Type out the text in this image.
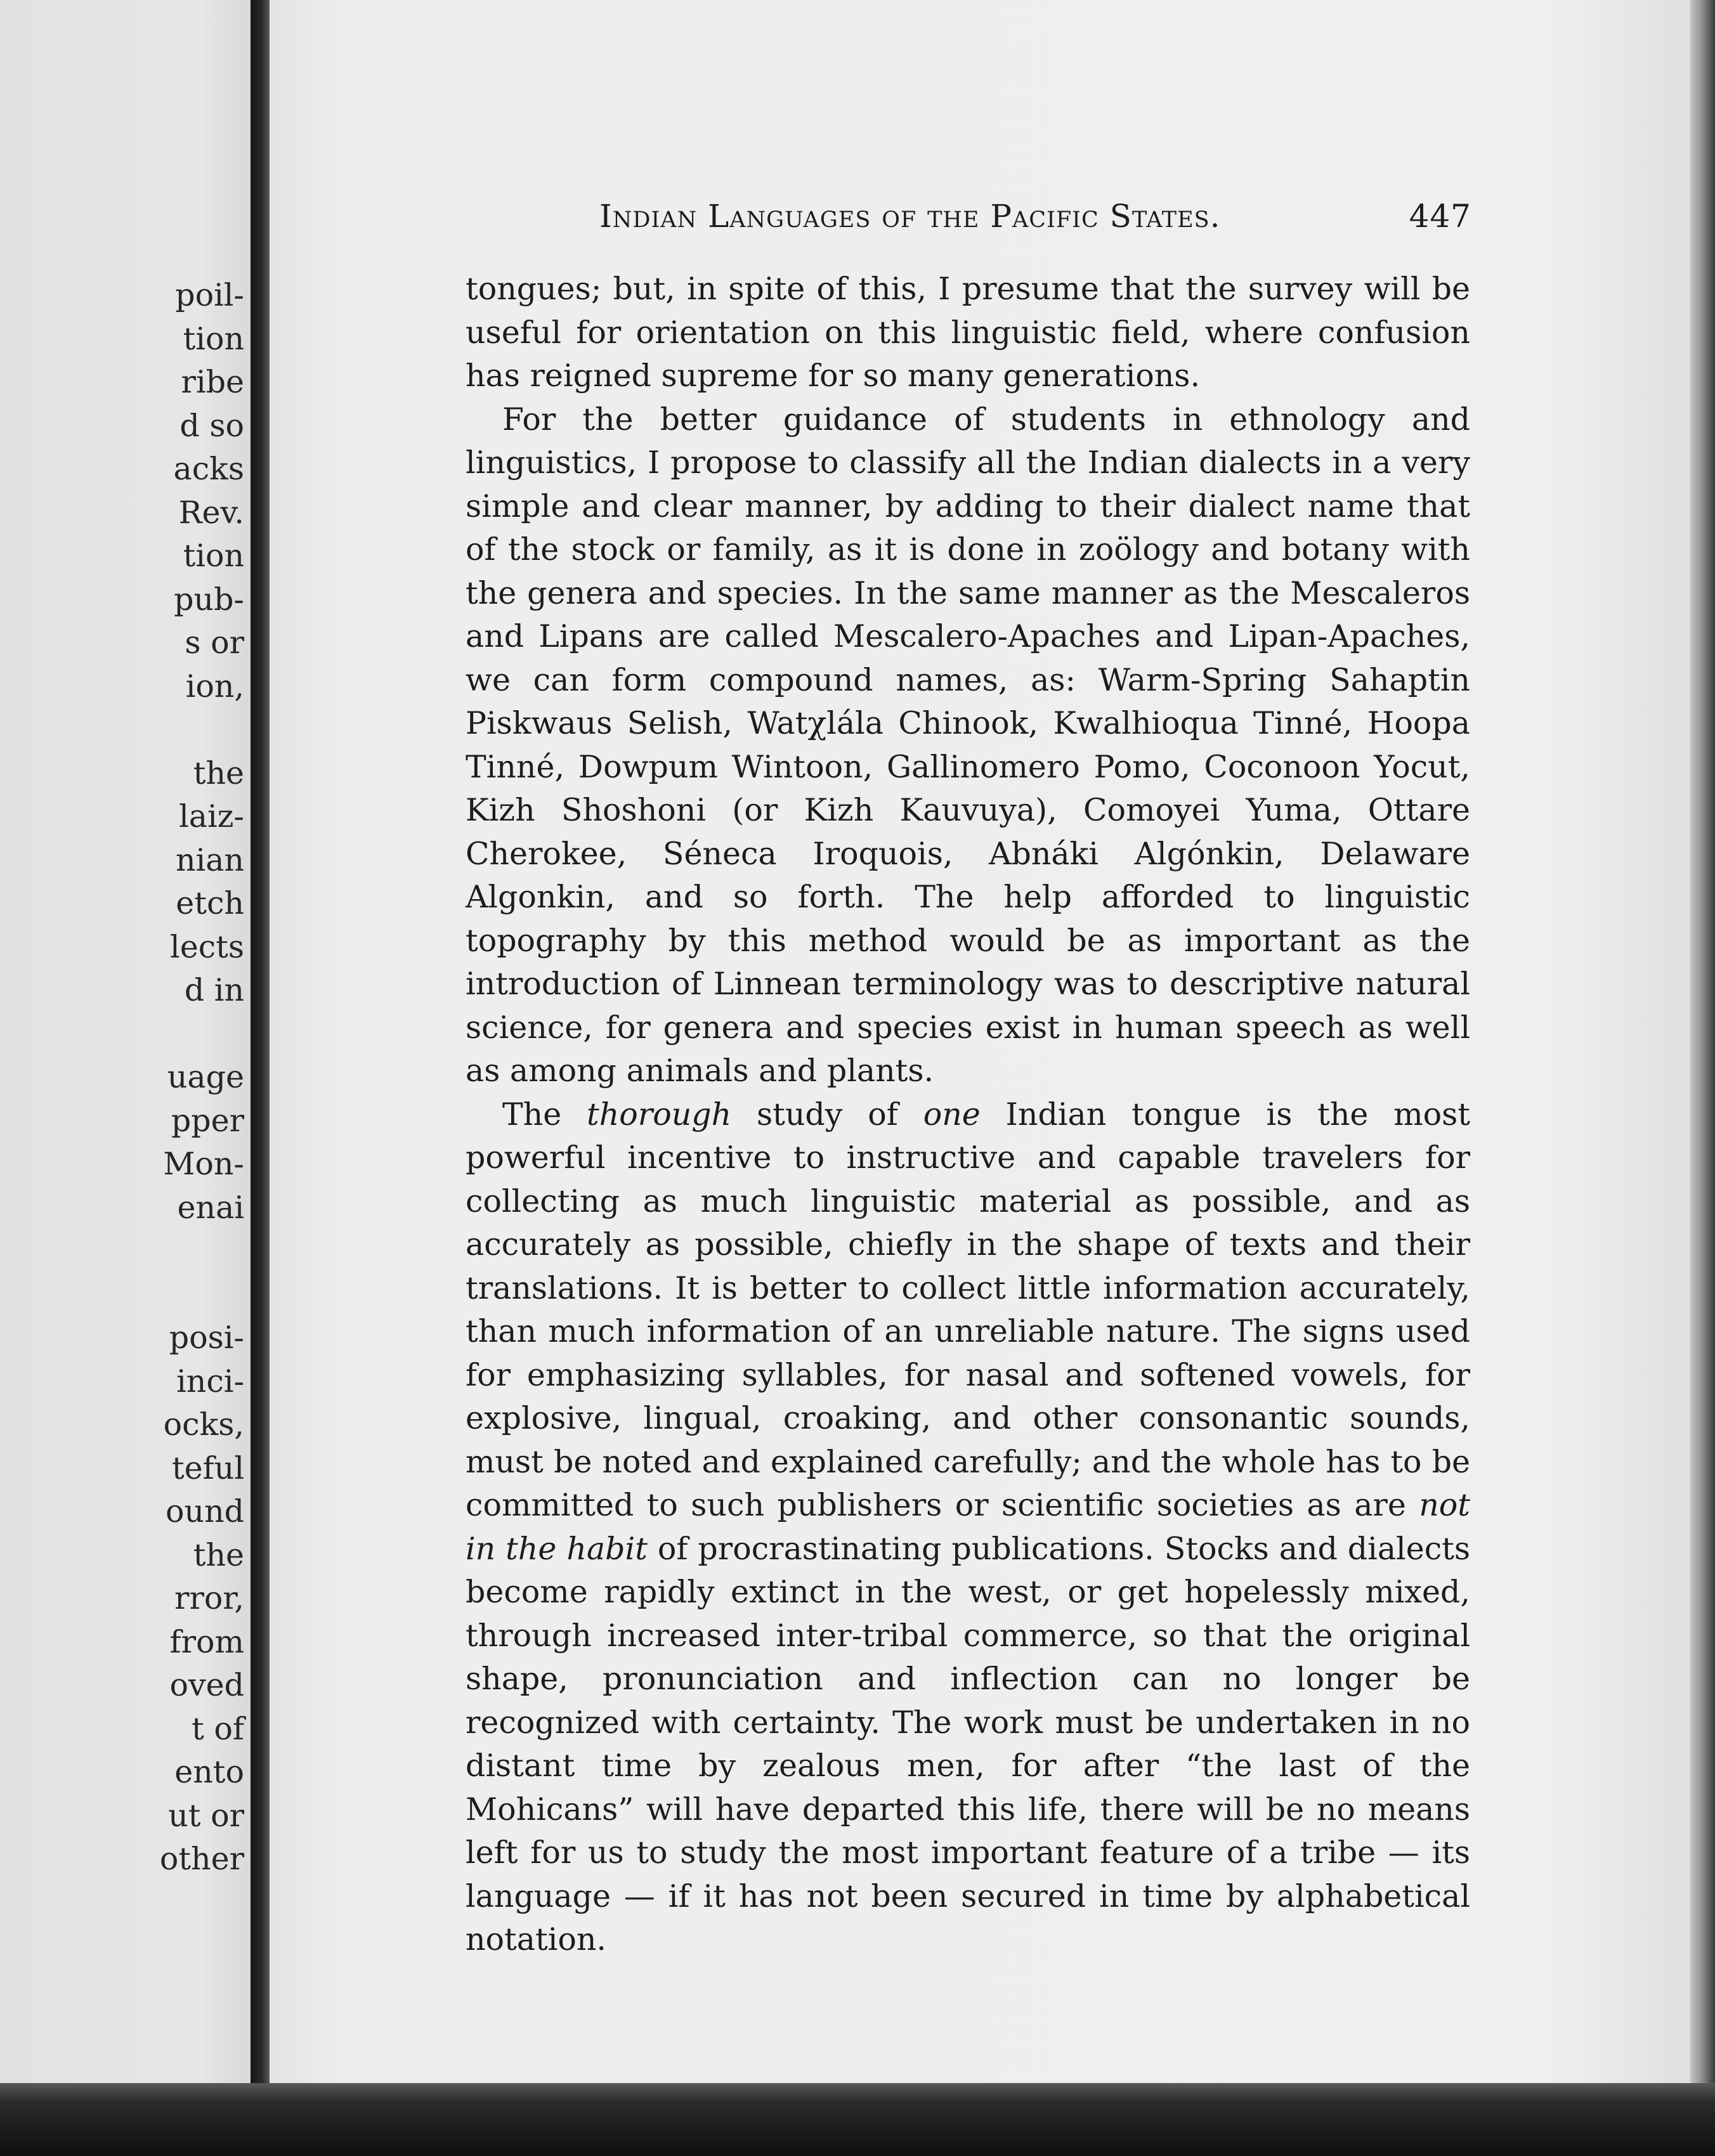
poil-
tion
ribe
d so
acks
Rev.
tion
pub-
s or
ion,
the
laiz-
nian
etch
lects
d in
uage
pper
Mon-
enai
posi-
inci-
ocks,
teful
ound
the
rror,
from
oved
t of
ento
ut or
other
Indian Languages of the Pacific States.	447

tongues; but, in spite of this, I presume that the survey will be useful for orientation on this linguistic field, where confusion has reigned supreme for so many generations.

For the better guidance of students in ethnology and linguistics, I propose to classify all the Indian dialects in a very simple and clear manner, by adding to their dialect name that of the stock or family, as it is done in zoölogy and botany with the genera and species. In the same manner as the Mescaleros and Lipans are called Mescalero-Apaches and Lipan-Apaches, we can form compound names, as: Warm-Spring Sahaptin Piskwaus Selish, Watχlála Chinook, Kwalhioqua Tinné, Hoopa Tinné, Dowpum Wintoon, Gallinomero Pomo, Coconoon Yocut, Kizh Shoshoni (or Kizh Kauvuya), Comoyei Yuma, Ottare Cherokee, Séneca Iroquois, Abnáki Algónkin, Delaware Algonkin, and so forth. The help afforded to linguistic topography by this method would be as important as the introduction of Linnean terminology was to descriptive natural science, for genera and species exist in human speech as well as among animals and plants.

The thorough study of one Indian tongue is the most powerful incentive to instructive and capable travelers for collecting as much linguistic material as possible, and as accurately as possible, chiefly in the shape of texts and their translations. It is better to collect little information accurately, than much information of an unreliable nature. The signs used for emphasizing syllables, for nasal and softened vowels, for explosive, lingual, croaking, and other consonantic sounds, must be noted and explained carefully; and the whole has to be committed to such publishers or scientific societies as are not in the habit of procrastinating publications. Stocks and dialects become rapidly extinct in the west, or get hopelessly mixed, through increased inter-tribal commerce, so that the original shape, pronunciation and inflection can no longer be recognized with certainty. The work must be undertaken in no distant time by zealous men, for after “the last of the Mohicans” will have departed this life, there will be no means left for us to study the most important feature of a tribe — its language — if it has not been secured in time by alphabetical notation.
